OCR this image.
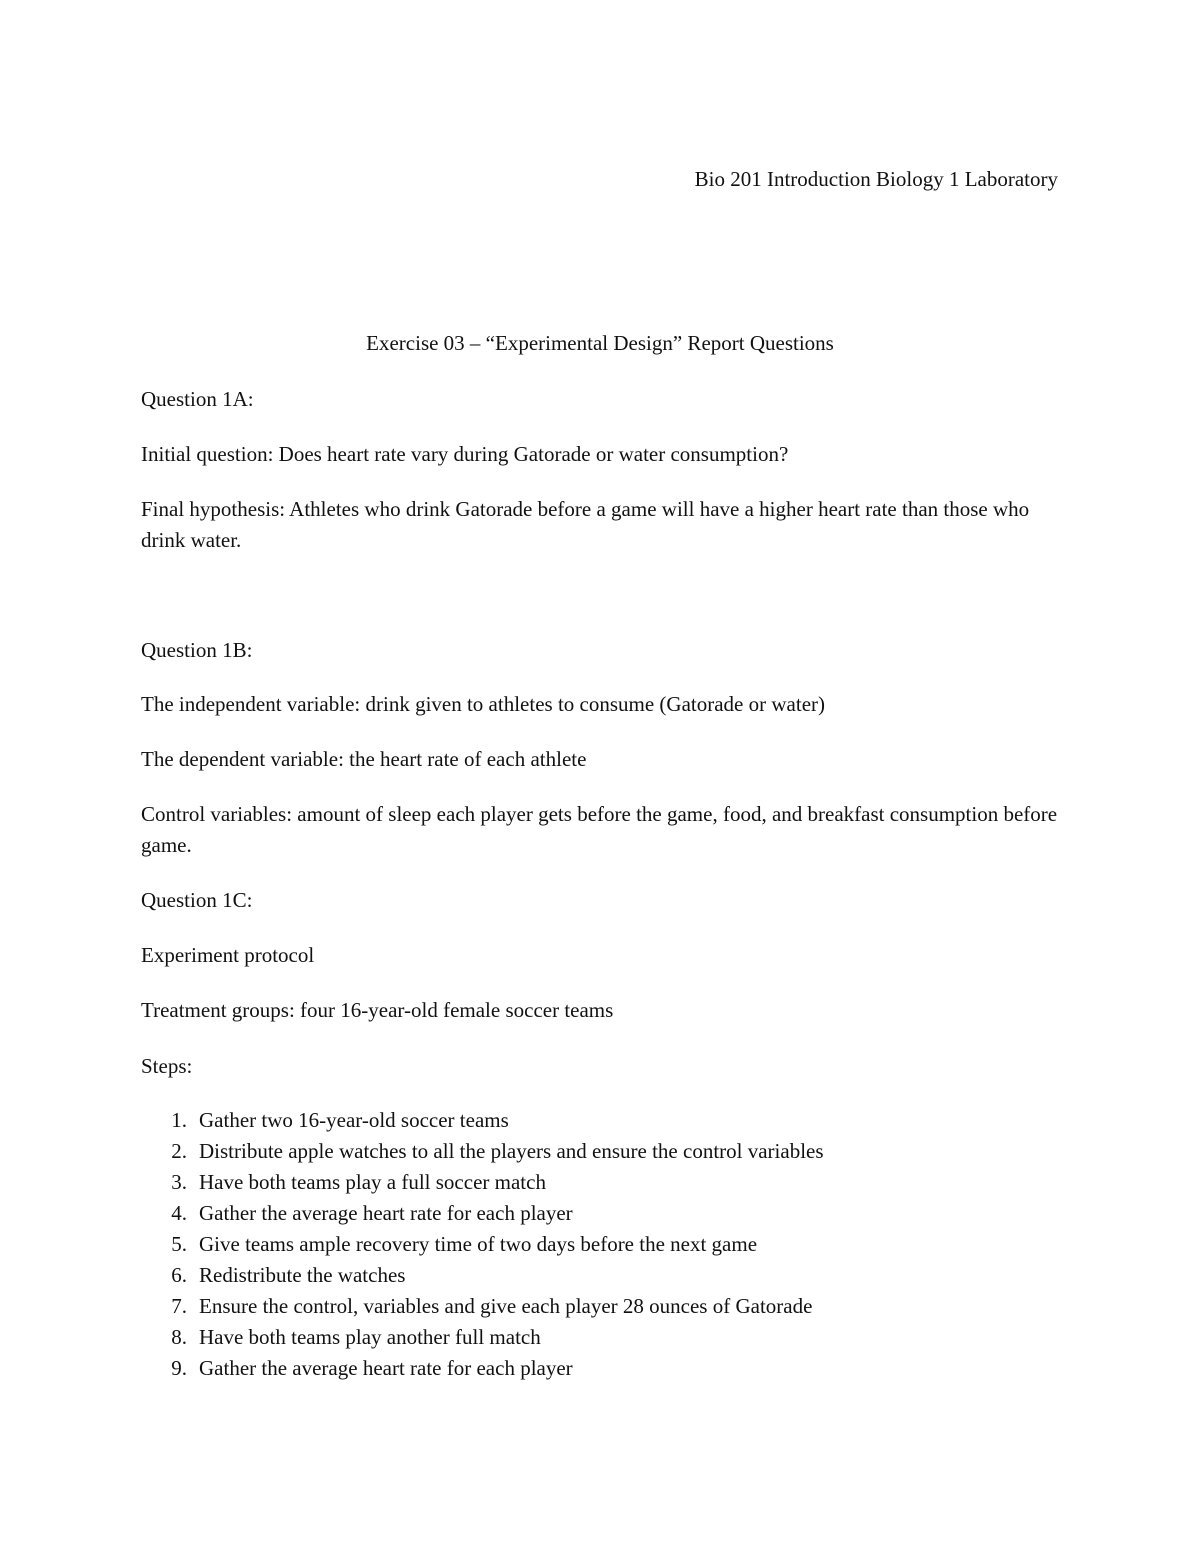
Bio 201 Introduction Biology 1 Laboratory
Exercise 03 – “Experimental Design” Report Questions

Question 1A:

Initial question: Does heart rate vary during Gatorade or water consumption?

Final hypothesis: Athletes who drink Gatorade before a game will have a higher heart rate than those who drink water.

Question 1B:

The independent variable: drink given to athletes to consume (Gatorade or water)

The dependent variable: the heart rate of each athlete

Control variables: amount of sleep each player gets before the game, food, and breakfast consumption before game.

Question 1C:

Experiment protocol

Treatment groups: four 16-year-old female soccer teams

Steps:

1. Gather two 16-year-old soccer teams
2. Distribute apple watches to all the players and ensure the control variables
3. Have both teams play a full soccer match
4. Gather the average heart rate for each player
5. Give teams ample recovery time of two days before the next game
6. Redistribute the watches
7. Ensure the control, variables and give each player 28 ounces of Gatorade
8. Have both teams play another full match
9. Gather the average heart rate for each player
